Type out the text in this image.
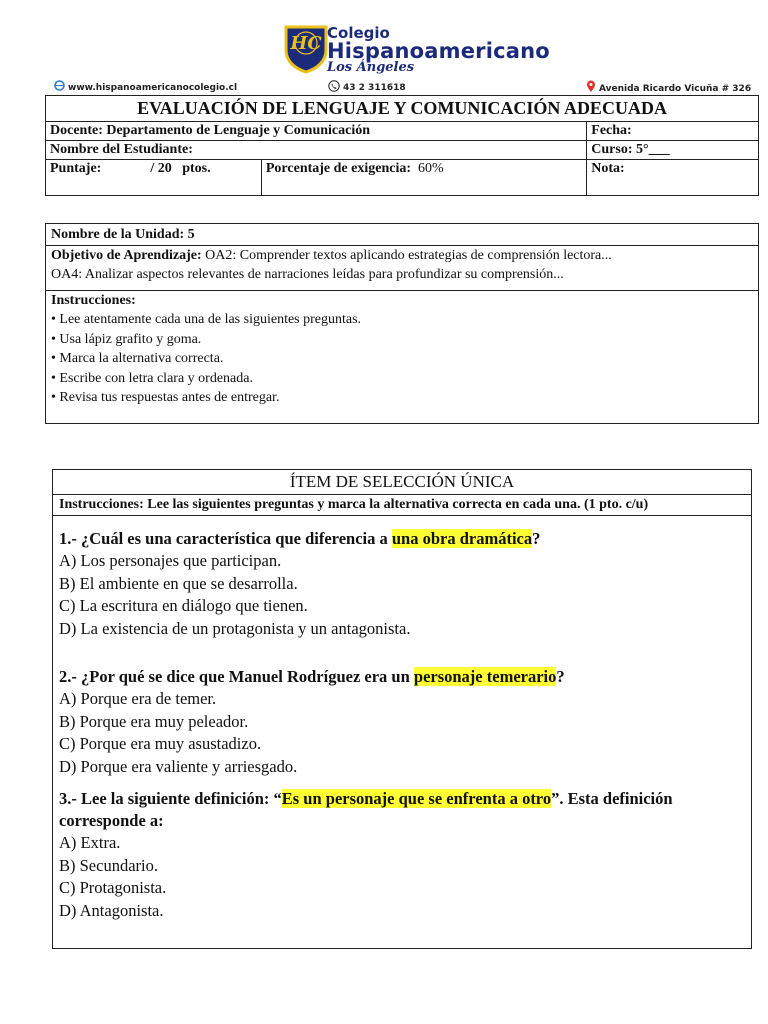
HC Colegio
Hispanoamericano
Los Ángeles
www.hispanoamericanocolegio.cl	43 2 311618	Avenida Ricardo Vicuña # 326
EVALUACIÓN DE LENGUAJE Y COMUNICACIÓN ADECUADA		
Docente: Departamento de Lenguaje y Comunicación		Fecha:
Nombre del Estudiante:		Curso: 5°___
Puntaje:              / 20   ptos.	Porcentaje de exigencia: 60%	Nota:
Nombre de la Unidad: 5
Objetivo de Aprendizaje: OA2: Comprender textos aplicando estrategias de comprensión lectora...
OA4: Analizar aspectos relevantes de narraciones leídas para profundizar su comprensión...
Instrucciones:
• Lee atentamente cada una de las siguientes preguntas.
• Usa lápiz grafito y goma.
• Marca la alternativa correcta.
• Escribe con letra clara y ordenada.
• Revisa tus respuestas antes de entregar.
ÍTEM DE SELECCIÓN ÚNICA
Instrucciones: Lee las siguientes preguntas y marca la alternativa correcta en cada una. (1 pto. c/u)
1.- ¿Cuál es una característica que diferencia a una obra dramática?
A) Los personajes que participan.
B) El ambiente en que se desarrolla.
C) La escritura en diálogo que tienen.
D) La existencia de un protagonista y un antagonista.
2.- ¿Por qué se dice que Manuel Rodríguez era un personaje temerario?
A) Porque era de temer.
B) Porque era muy peleador.
C) Porque era muy asustadizo.
D) Porque era valiente y arriesgado.
3.- Lee la siguiente definición: “Es un personaje que se enfrenta a otro”. Esta definición corresponde a:
A) Extra.
B) Secundario.
C) Protagonista.
D) Antagonista.
